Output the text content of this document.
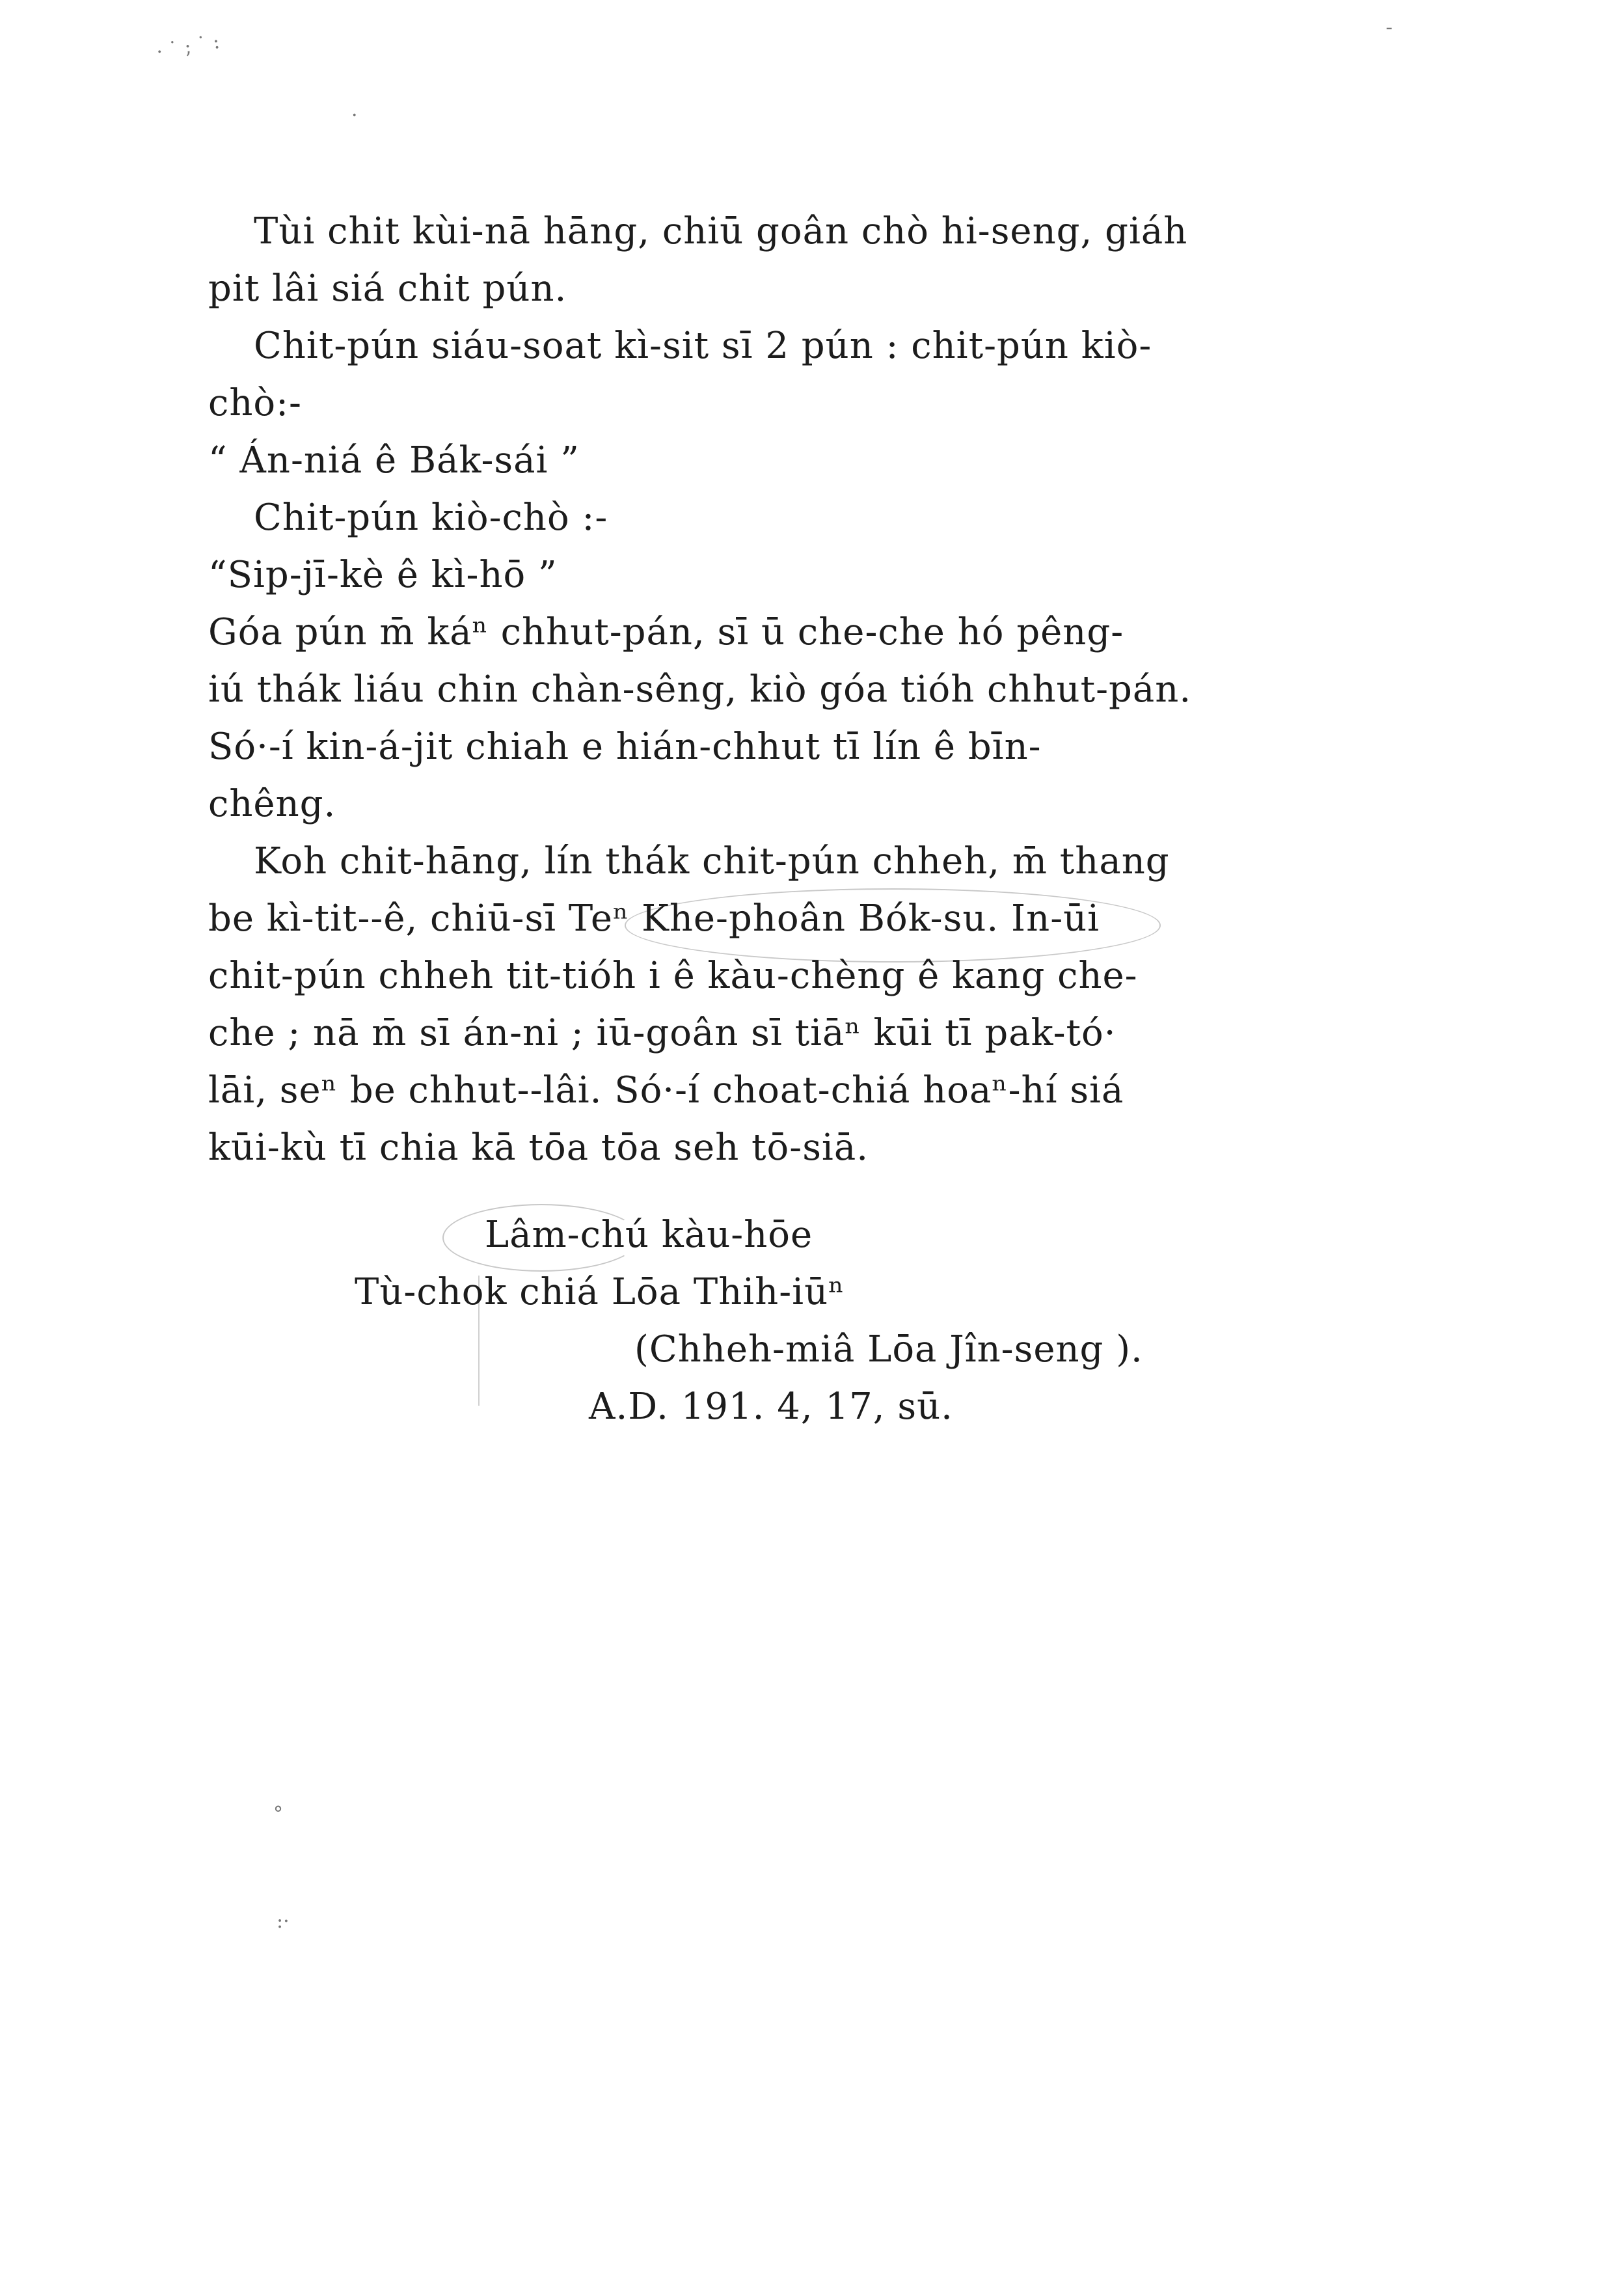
· ˙ ; ˙ :
-
·
°
:·
Tùi chit kùi-nā hāng, chiū goân chò hi-seng, giáh
pit lâi siá chit pún.
Chit-pún siáu-soat kì-sit sī 2 pún : chit-pún kiò-
chò:-
“ Án-niá ê Bák-sái ”
Chit-pún kiò-chò :-
“Sip-jī-kè ê kì-hō ”
Góa pún m̄ káⁿ chhut-pán, sī ū che-che hó pêng-
iú thák liáu chin chàn-sêng, kiò góa tióh chhut-pán.
Só·-í kin-á-jit chiah e hián-chhut tī lín ê bīn-
chêng.
Koh chit-hāng, lín thák chit-pún chheh, m̄ thang
be kì-tit--ê, chiū-sī Teⁿ Khe-phoân Bók-su. In-ūi
chit-pún chheh tit-tióh i ê kàu-chèng ê kang che-
che ; nā m̄ sī án-ni ; iū-goân sī tiāⁿ kūi tī pak-tó·
lāi, seⁿ be chhut--lâi. Só·-í choat-chiá hoaⁿ-hí siá
kūi-kù tī chia kā tōa tōa seh tō-siā.
Lâm-chú kàu-hōe
Tù-chok chiá Lōa Thih-iūⁿ
(Chheh-miâ Lōa Jîn-seng ).
A.D. 191. 4, 17, sū.
